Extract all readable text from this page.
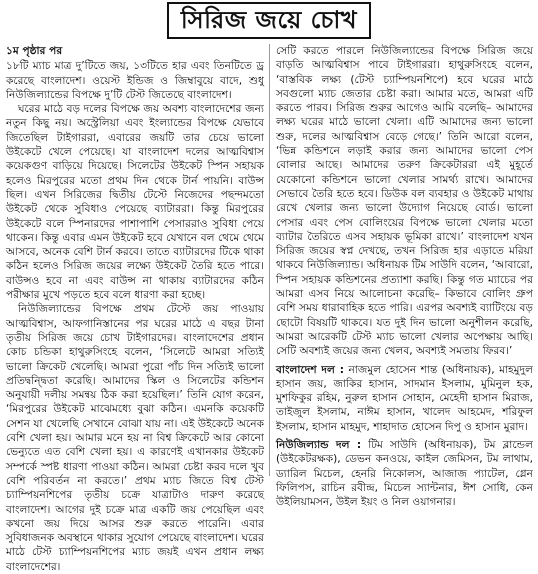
সিরিজ জয়ে চোখ

১ম পৃষ্ঠার পর
১৮টি ম্যাচ মাত্র দু’টিতে জয়, ১৩টিতে হার এবং তিনটিতে ড্র করেছে বাংলাদেশ। ওয়েস্ট ইন্ডিজ ও জিম্বাবুয়ে বাদে, শুধু নিউজিল্যান্ডের বিপক্ষে দু’টি টেস্ট জিতেছে বাংলাদেশ।

ঘরের মাঠে বড় দলের বিপক্ষে জয় অবশ্য বাংলাদেশের জন্য নতুন কিছু নয়। অস্ট্রেলিয়া এবং ইংল্যান্ডের বিপক্ষে যেভাবে জিতেছিল টাইগাররা, এবারের জয়টি তার চেয়ে ভালো উইকেটে খেলে পেয়েছে। যা বাংলাদেশ দলের আত্মবিশ্বাস কয়েকগুণ বাড়িয়ে দিয়েছে। সিলেটের উইকেট স্পিন সহায়ক হলেও মিরপুরের মতো প্রথম দিন থেকে টার্ন পায়নি। বাউন্স ছিল। এখন সিরিজের দ্বিতীয় টেস্টে নিজেদের পছন্দমতো উইকেট থেকে সুবিধাও পেয়েছে ব্যাটাররা। কিন্তু মিরপুরের উইকেটে বলে স্পিনারদের পাশাপাশি পেসাররাও সুবিধা পেয়ে থাকেন। কিন্তু এবার এমন উইকেট হবে যেখানে বল থেমে থেমে আসবে, অনেক বেশি টার্ন করবে। তাতে ব্যাটারদের টিকে থাকা কঠিন হলেও সিরিজ জয়ের লক্ষ্যে উইকেট তৈরি হতে পারে। বাউন্সও হবে না এবং বাউন্স না থাকায় ব্যাটারদের কঠিন পরীক্ষার মুখে পড়তে হবে বলে ধারণা করা হচ্ছে।

নিউজিল্যান্ডের বিপক্ষে প্রথম টেস্টে জয় পাওয়ায় আত্মবিশ্বাস, আফগানিস্তানের পর ঘরের মাঠে এ বছর টানা তৃতীয় সিরিজ জয়ে চোখ টাইগারদের। বাংলাদেশের প্রধান কোচ চন্ডিকা হাথুরুসিংহে বলেন, ‘সিলেটে আমরা সত্যিই ভালো ক্রিকেট খেলেছি। আমরা পুরো পাঁচ দিন সত্যিই ভালো প্রতিদ্বন্দ্বিতা করেছি। আমাদের স্কিল ও সিলেটের কন্ডিশন অনুযায়ী দলীয় সমন্বয় ঠিক করা হয়েছিল।’ তিনি যোগ করেন, ‘মিরপুরের উইকেট মাঝেমধ্যে বুঝা কঠিন। এমনকি কয়েকটি সেশন যা খেলেছি সেখানে বোঝা যায় না। এই উইকেটে অনেক বেশি খেলা হয়। আমার মনে হয় না বিশ্ব ক্রিকেটে আর কোনো ভেন্যুতে এত বেশি খেলা হয়। এ কারণেই এখানকার উইকেট সম্পর্কে স্পষ্ট ধারণা পাওয়া কঠিন। আমরা চেষ্টা করব দলে খুব বেশি পরিবর্তন না করতে।’ প্রথম ম্যাচ জিতে বিশ্ব টেস্ট চ্যাম্পিয়নশিপের তৃতীয় চক্রে যাত্রাটাও দারুণ করেছে বাংলাদেশ। আগের দুই চক্রে মাত্র একটি জয় পেয়েছিল এবং কখনো জয় দিয়ে আসর শুরু করতে পারেনি। এবার সুবিধাজনক অবস্থানে থাকার সুযোগ পেয়েছে বাংলাদেশ। ঘরের মাঠে টেস্ট চ্যাম্পিয়নশিপের ম্যাচ জয়ই এখন প্রধান লক্ষ্য বাংলাদেশের।

সেটি করতে পারলে নিউজিল্যান্ডের বিপক্ষে সিরিজ জয়ে বাড়তি আত্মবিশ্বাস পাবে টাইগাররা। হাথুরুসিংহে বলেন, ‘বাস্তবিক লক্ষ্য (টেস্ট চ্যাম্পিয়নশিপে) হবে ঘরের মাঠে সবগুলো ম্যাচ জেতার চেষ্টা করা। আমার মতে, আমরা এটি করতে পারব। সিরিজ শুরুর আগেও আমি বলেছি– আমাদের লক্ষ্য ঘরের মাঠে ভালো খেলা। এটি আমাদের জন্য ভালো শুরু, দলের আত্মবিশ্বাস বেড়ে গেছে।’ তিনি আরো বলেন, ‘ভিন্ন কন্ডিশনে লড়াই করার জন্য আমাদের ভালো পেস বোলার আছে। আমাদের তরুণ ক্রিকেটাররা এই মুহূর্তে যেকোনো কন্ডিশনে ভালো খেলার সামর্থ্য রাখে। আমাদের সেভাবে তৈরি হতে হবে। ডিউক বল ব্যবহার ও উইকেট মাথায় রেখে খেলার জন্য ভালো উদ্যোগ নিয়েছে বোর্ড। ভালো পেসার এবং পেস বোলিংয়ের বিপক্ষে ভালো খেলার মতো ব্যাটার তৈরিতে এসব সহায়ক ভূমিকা রাখে।’ বাংলাদেশ যখন সিরিজ জয়ের স্বপ্ন দেখছে, তখন সিরিজ হার এড়াতে মরিয়া থাকবে নিউজিল্যান্ড। অধিনায়ক টিম সাউদি বলেন, ‘আবারো, স্পিন সহায়ক কন্ডিশনের প্রত্যাশা করছি। কিন্তু গত ম্যাচের পর আমরা এসব নিয়ে আলোচনা করেছি– কিভাবে বোলিং গ্রুপ বেশি সময় ধারাবাহিক হতে পারি। এরপর অবশ্যই ব্যাটিংয়ে বড় ছোটো বিষয়টি থাকবে। যত দুই দিন ভালো অনুশীলন করেছি, আমরা আরেকটি টেস্ট ম্যাচ ভালো খেলার অপেক্ষায় আছি। সেটি অবশ্যই জয়ের জন্য খেলব, অবশ্যই সমতায় ফিরব।’

বাংলাদেশ দল : নাজমুল হোসেন শান্ত (অধিনায়ক), মাহমুদুল হাসান জয়, জাকির হাসান, সাদমান ইসলাম, মুমিনুল হক, মুশফিকুর রহিম, নুরুল হাসান সোহান, মেহেদী হাসান মিরাজ, তাইজুল ইসলাম, নাঈম হাসান, খালেদ আহমেদ, শরিফুল ইসলাম, হাসান মাহমুদ, শাহাদাত হোসেন দিপু ও হাসান মুরাদ।

নিউজিল্যান্ড দল : টিম সাউদি (অধিনায়ক), টম ব্লান্ডেল (উইকেটরক্ষক), ডেভন কনওয়ে, কাইল জেমিসন, টম লাথাম, ড্যারিল মিচেল, হেনরি নিকোলস, আজাজ প্যাটেল, গ্লেন ফিলিপস, রাচিন রবীন্দ্র, মিচেল স্যান্টনার, ঈশ সোধি, কেন উইলিয়ামসন, উইল ইয়ং ও নিল ওয়াগনার।
